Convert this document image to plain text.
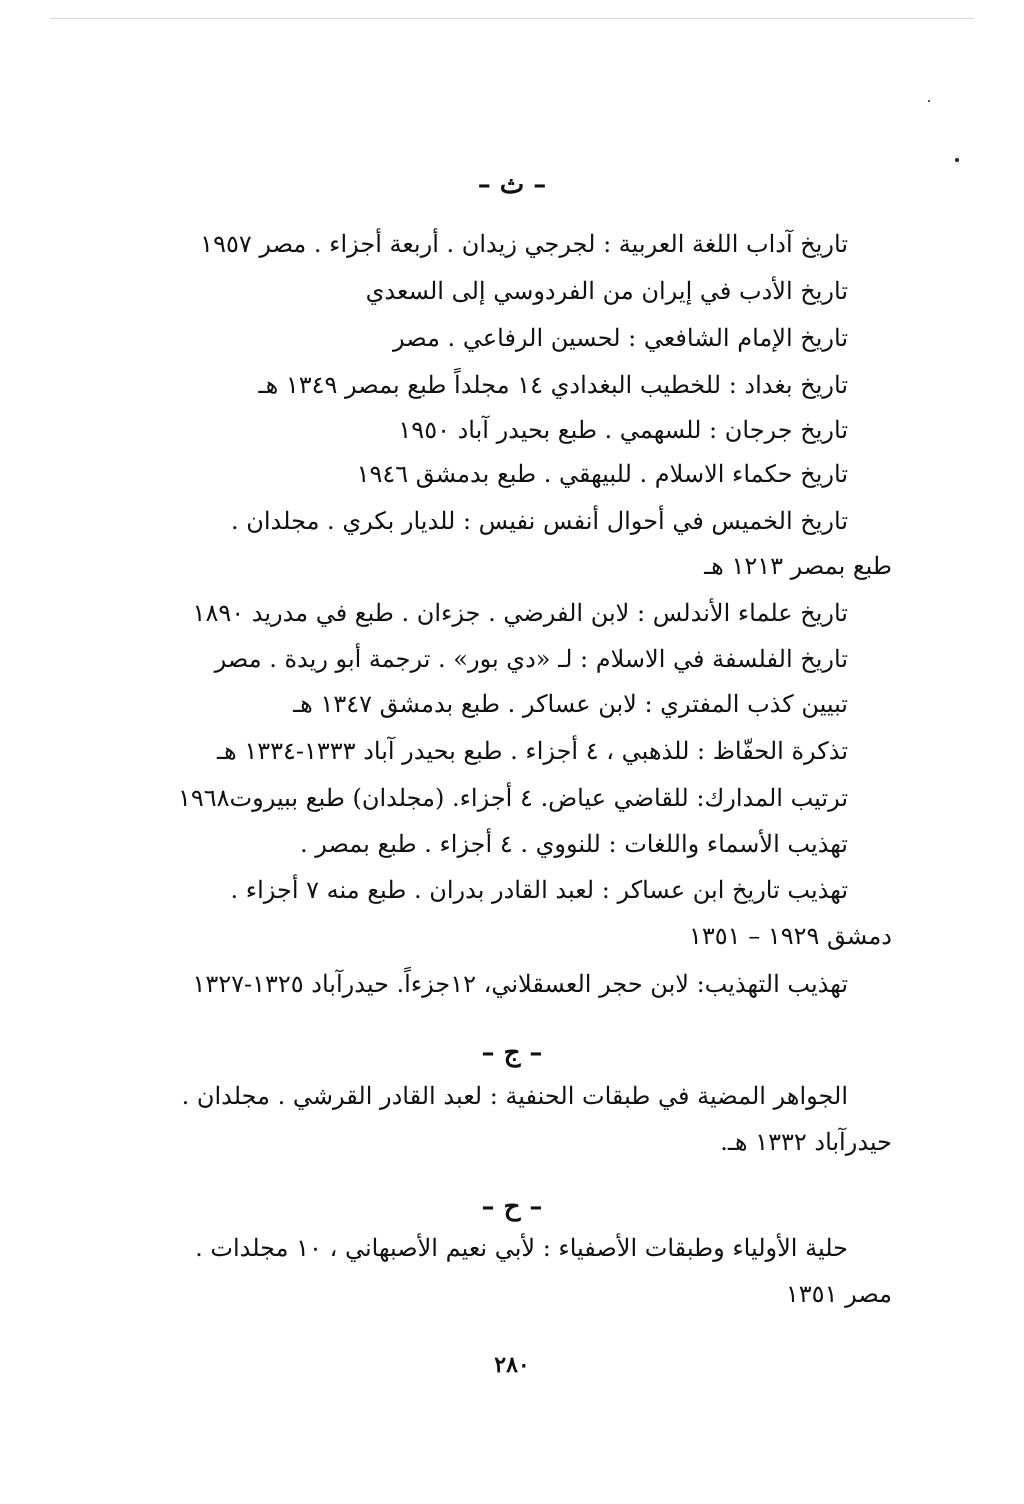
– ث –
تاريخ آداب اللغة العربية : لجرجي زيدان . أربعة أجزاء . مصر ١٩٥٧
تاريخ الأدب في إيران من الفردوسي إلى السعدي
تاريخ الإمام الشافعي : لحسين الرفاعي . مصر
تاريخ بغداد : للخطيب البغدادي ١٤ مجلداً طبع بمصر ١٣٤٩ هـ
تاريخ جرجان : للسهمي . طبع بحيدر آباد ١٩٥٠
تاريخ حكماء الاسلام . للبيهقي . طبع بدمشق ١٩٤٦
تاريخ الخميس في أحوال أنفس نفيس : للديار بكري . مجلدان .
طبع بمصر ١٢١٣ هـ
تاريخ علماء الأندلس : لابن الفرضي . جزءان . طبع في مدريد ١٨٩٠
تاريخ الفلسفة في الاسلام : لـ «دي بور» . ترجمة أبو ريدة . مصر
تبيين كذب المفتري : لابن عساكر . طبع بدمشق ١٣٤٧ هـ
تذكرة الحفّاظ : للذهبي ، ٤ أجزاء . طبع بحيدر آباد ١٣٣٣-١٣٣٤ هـ
ترتيب المدارك: للقاضي عياض. ٤ أجزاء. (مجلدان) طبع ببيروت١٩٦٨
تهذيب الأسماء واللغات : للنووي . ٤ أجزاء . طبع بمصر .
تهذيب تاريخ ابن عساكر : لعبد القادر بدران . طبع منه ٧ أجزاء .
دمشق ١٩٢٩ – ١٣٥١
تهذيب التهذيب: لابن حجر العسقلاني، ١٢جزءاً. حيدرآباد ١٣٢٥-١٣٢٧
– ج –
الجواهر المضية في طبقات الحنفية : لعبد القادر القرشي . مجلدان .
حيدرآباد ١٣٣٢ هـ.
– ح –
حلية الأولياء وطبقات الأصفياء : لأبي نعيم الأصبهاني ، ١٠ مجلدات .
مصر ١٣٥١
٢٨٠
